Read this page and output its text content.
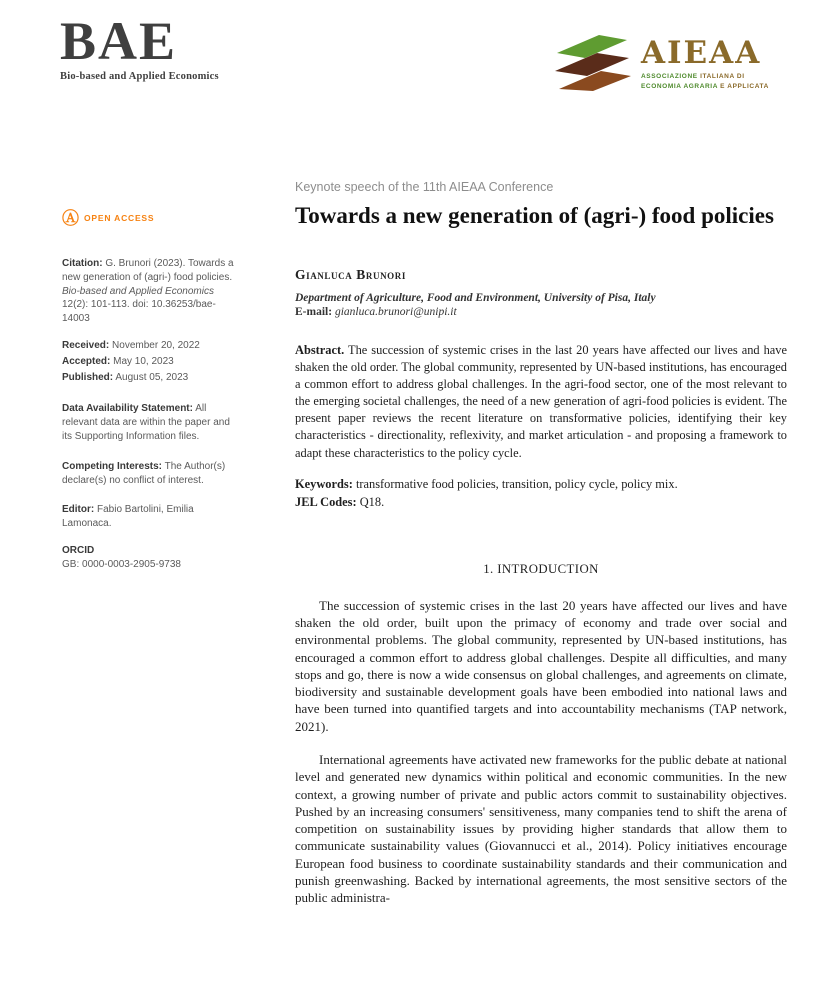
BAE
Bio-based and Applied Economics
AIEAA
ASSOCIAZIONE ITALIANA DI
ECONOMIA AGRARIA E APPLICATA
Ⓐ OPEN ACCESS

Citation: G. Brunori (2023). Towards a new generation of (agri-) food policies. Bio-based and Applied Economics 12(2): 101-113. doi: 10.36253/bae-14003

Received: November 20, 2022

Accepted: May 10, 2023

Published: August 05, 2023

Data Availability Statement: All relevant data are within the paper and its Supporting Information files.

Competing Interests: The Author(s) declare(s) no conflict of interest.

Editor: Fabio Bartolini, Emilia Lamonaca.

ORCID
GB: 0000-0003-2905-9738

Keynote speech of the 11th AIEAA Conference

Towards a new generation of (agri-) food policies

Gianluca Brunori

Department of Agriculture, Food and Environment, University of Pisa, Italy

E-mail: gianluca.brunori@unipi.it

Abstract. The succession of systemic crises in the last 20 years have affected our lives and have shaken the old order. The global community, represented by UN-based institutions, has encouraged a common effort to address global challenges. In the agri-food sector, one of the most relevant to the emerging societal challenges, the need of a new generation of agri-food policies is evident. The present paper reviews the recent literature on transformative policies, identifying their key characteristics - directionality, reflexivity, and market articulation - and proposing a framework to adapt these characteristics to the policy cycle.

Keywords: transformative food policies, transition, policy cycle, policy mix.

JEL Codes: Q18.

1. INTRODUCTION

The succession of systemic crises in the last 20 years have affected our lives and have shaken the old order, built upon the primacy of economy and trade over social and environmental problems. The global community, represented by UN-based institutions, has encouraged a common effort to address global challenges. Despite all difficulties, and many stops and go, there is now a wide consensus on global challenges, and agreements on climate, biodiversity and sustainable development goals have been embodied into national laws and have been turned into quantified targets and into accountability mechanisms (TAP network, 2021).

International agreements have activated new frameworks for the public debate at national level and generated new dynamics within political and economic communities. In the new context, a growing number of private and public actors commit to sustainability objectives. Pushed by an increasing consumers' sensitiveness, many companies tend to shift the arena of competition on sustainability issues by providing higher standards that allow them to communicate sustainability values (Giovannucci et al., 2014). Policy initiatives encourage European food business to coordinate sustainability standards and their communication and punish greenwashing. Backed by international agreements, the most sensitive sectors of the public administra-
